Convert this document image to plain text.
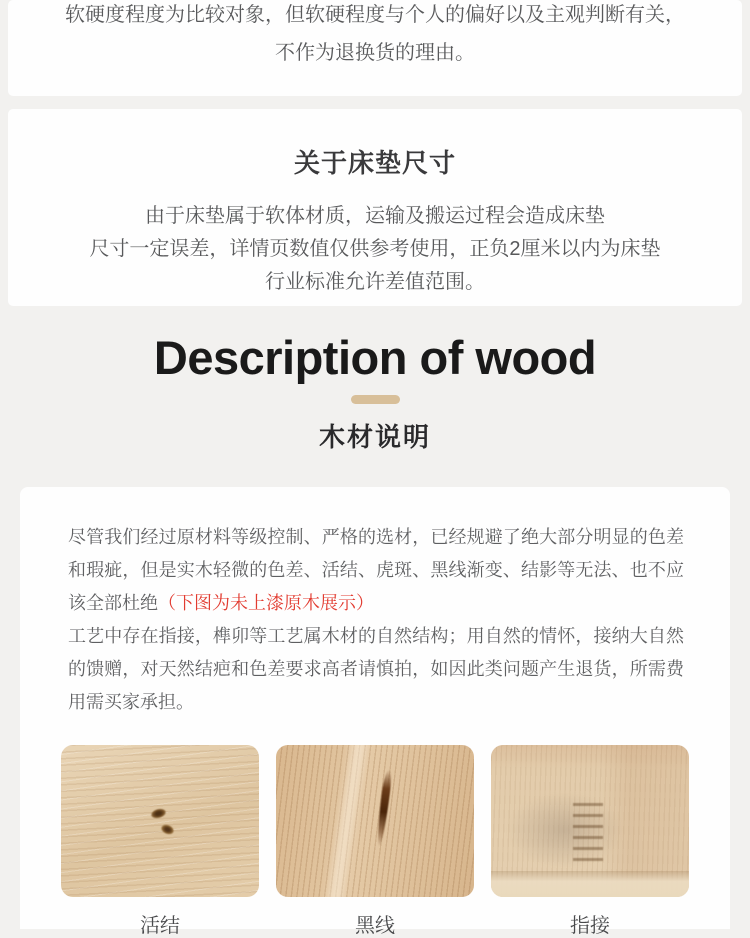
软硬度程度为比较对象，但软硬程度与个人的偏好以及主观判断有关，
不作为退换货的理由。
关于床垫尺寸
由于床垫属于软体材质，运输及搬运过程会造成床垫
尺寸一定误差，详情页数值仅供参考使用，正负2厘米以内为床垫
行业标准允许差值范围。
Description of wood
木材说明

尽管我们经过原材料等级控制、严格的选材，已经规避了绝大部分明显的色差和瑕疵，但是实木轻微的色差、活结、虎斑、黑线渐变、结影等无法、也不应该全部杜绝（下图为未上漆原木展示）

工艺中存在指接，榫卯等工艺属木材的自然结构；用自然的情怀，接纳大自然的馈赠，对天然结疤和色差要求高者请慎拍，如因此类问题产生退货，所需费用需买家承担。

活结	黑线	指接
